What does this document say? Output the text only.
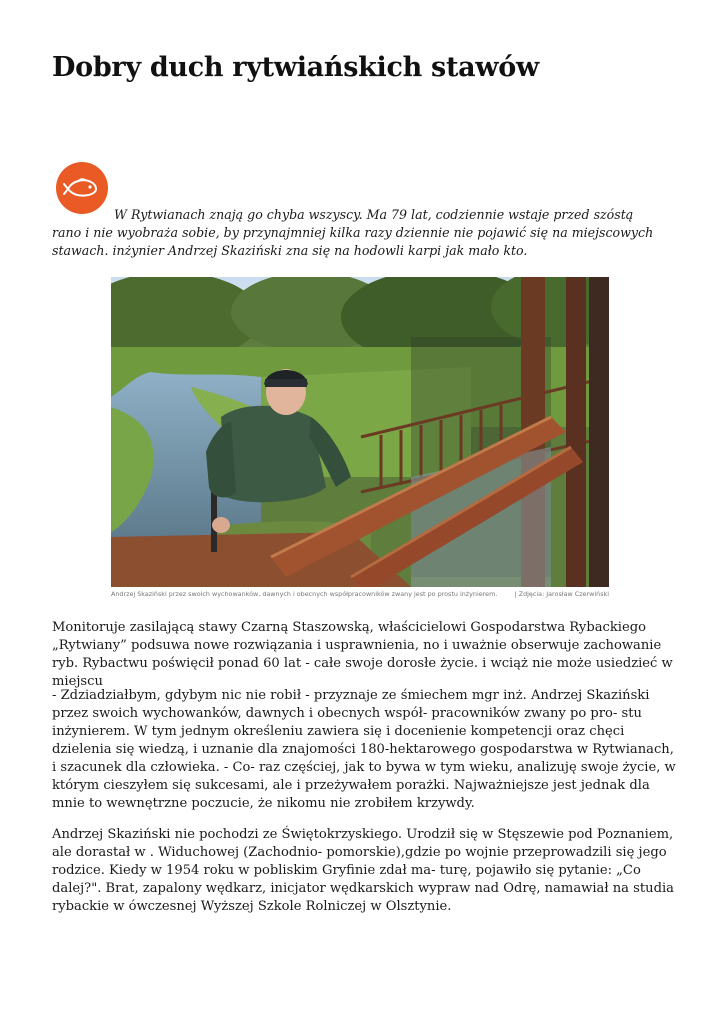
Dobry duch rytwiańskich stawów

W Rytwianach znają go chyba wszyscy. Ma 79 lat, codziennie wstaje przed szóstą rano i nie wyobraża sobie, by przynajmniej kilka razy dziennie nie pojawić się na miejscowych stawach. inżynier Andrzej Skaziński zna się na hodowli karpi jak mało kto.

Andrzej Skaziński przez swoich wychowanków, dawnych i obecnych współpracowników zwany jest po prostu inżynierem.	| Zdjęcia: Jarosław Czerwiński

Monitoruje zasilającą stawy Czarną Staszowską, właścicielowi Gospodarstwa Rybackiego „Rytwiany” podsuwa nowe rozwiązania i usprawnienia, no i uważnie obserwuje zachowanie ryb. Rybactwu poświęcił ponad 60 lat - całe swoje dorosłe życie. i wciąż nie może usiedzieć w miejscu

- Zdziadziałbym, gdybym nic nie robił - przyznaje ze śmiechem mgr inż. Andrzej Skaziński przez swoich wychowanków, dawnych i obecnych współ- pracowników zwany po pro- stu inżynierem. W tym jednym określeniu zawiera się i docenienie kompetencji oraz chęci dzielenia się wiedzą, i uznanie dla znajomości 180-hektarowego gospodarstwa w Rytwianach, i szacunek dla człowieka. - Co- raz częściej, jak to bywa w tym wieku, analizuję swoje życie, w którym cieszyłem się sukcesami, ale i przeżywałem porażki. Najważniejsze jest jednak dla mnie to wewnętrzne poczucie, że nikomu nie zrobiłem krzywdy.

Andrzej Skaziński nie pochodzi ze Świętokrzyskiego. Urodził się w Stęszewie pod Poznaniem, ale dorastał w . Widuchowej (Zachodnio- pomorskie),gdzie po wojnie przeprowadzili się jego rodzice. Kiedy w 1954 roku w pobliskim Gryfinie zdał ma- turę, pojawiło się pytanie: „Co dalej?". Brat, zapalony wędkarz, inicjator wędkarskich wypraw nad Odrę, namawiał na studia rybackie w ówczesnej Wyższej Szkole Rolniczej w Olsztynie.
